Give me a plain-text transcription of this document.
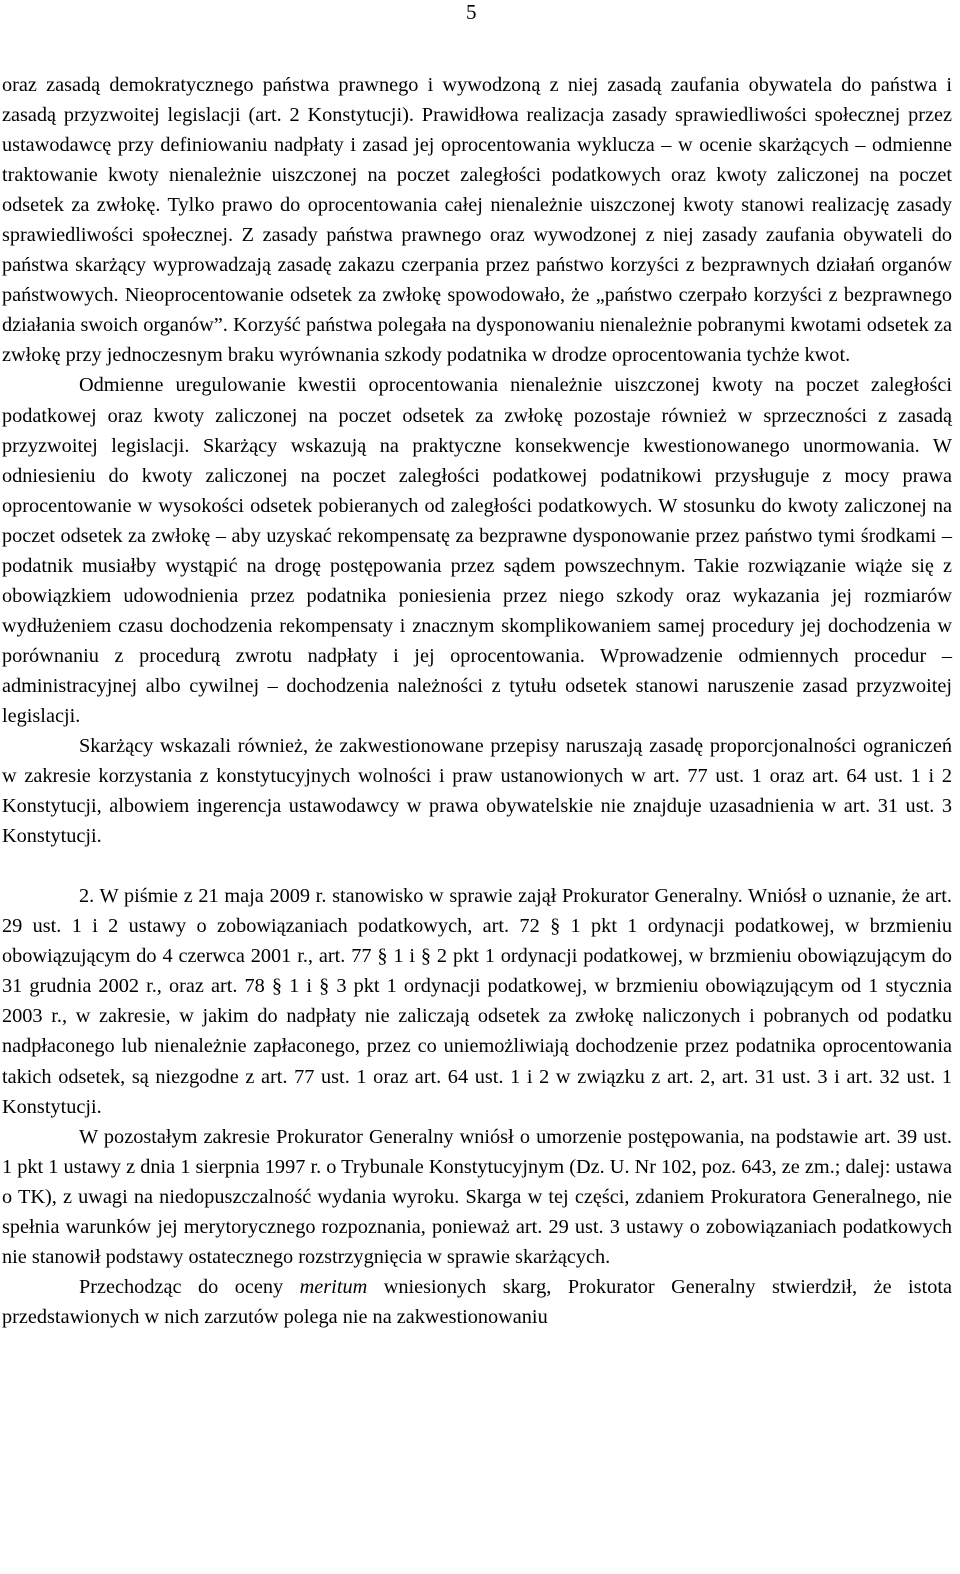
5

oraz zasadą demokratycznego państwa prawnego i wywodzoną z niej zasadą zaufania obywatela do państwa i zasadą przyzwoitej legislacji (art. 2 Konstytucji). Prawidłowa realizacja zasady sprawiedliwości społecznej przez ustawodawcę przy definiowaniu nadpłaty i zasad jej oprocentowania wyklucza – w ocenie skarżących – odmienne traktowanie kwoty nienależnie uiszczonej na poczet zaległości podatkowych oraz kwoty zaliczonej na poczet odsetek za zwłokę. Tylko prawo do oprocentowania całej nienależnie uiszczonej kwoty stanowi realizację zasady sprawiedliwości społecznej. Z zasady państwa prawnego oraz wywodzonej z niej zasady zaufania obywateli do państwa skarżący wyprowadzają zasadę zakazu czerpania przez państwo korzyści z bezprawnych działań organów państwowych. Nieoprocentowanie odsetek za zwłokę spowodowało, że „państwo czerpało korzyści z bezprawnego działania swoich organów”. Korzyść państwa polegała na dysponowaniu nienależnie pobranymi kwotami odsetek za zwłokę przy jednoczesnym braku wyrównania szkody podatnika w drodze oprocentowania tychże kwot.

Odmienne uregulowanie kwestii oprocentowania nienależnie uiszczonej kwoty na poczet zaległości podatkowej oraz kwoty zaliczonej na poczet odsetek za zwłokę pozostaje również w sprzeczności z zasadą przyzwoitej legislacji. Skarżący wskazują na praktyczne konsekwencje kwestionowanego unormowania. W odniesieniu do kwoty zaliczonej na poczet zaległości podatkowej podatnikowi przysługuje z mocy prawa oprocentowanie w wysokości odsetek pobieranych od zaległości podatkowych. W stosunku do kwoty zaliczonej na poczet odsetek za zwłokę – aby uzyskać rekompensatę za bezprawne dysponowanie przez państwo tymi środkami – podatnik musiałby wystąpić na drogę postępowania przez sądem powszechnym. Takie rozwiązanie wiąże się z obowiązkiem udowodnienia przez podatnika poniesienia przez niego szkody oraz wykazania jej rozmiarów wydłużeniem czasu dochodzenia rekompensaty i znacznym skomplikowaniem samej procedury jej dochodzenia w porównaniu z procedurą zwrotu nadpłaty i jej oprocentowania. Wprowadzenie odmiennych procedur – administracyjnej albo cywilnej – dochodzenia należności z tytułu odsetek stanowi naruszenie zasad przyzwoitej legislacji.

Skarżący wskazali również, że zakwestionowane przepisy naruszają zasadę proporcjonalności ograniczeń w zakresie korzystania z konstytucyjnych wolności i praw ustanowionych w art. 77 ust. 1 oraz art. 64 ust. 1 i 2 Konstytucji, albowiem ingerencja ustawodawcy w prawa obywatelskie nie znajduje uzasadnienia w art. 31 ust. 3 Konstytucji.

2. W piśmie z 21 maja 2009 r. stanowisko w sprawie zajął Prokurator Generalny. Wniósł o uznanie, że art. 29 ust. 1 i 2 ustawy o zobowiązaniach podatkowych, art. 72 § 1 pkt 1 ordynacji podatkowej, w brzmieniu obowiązującym do 4 czerwca 2001 r., art. 77 § 1 i § 2 pkt 1 ordynacji podatkowej, w brzmieniu obowiązującym do 31 grudnia 2002 r., oraz art. 78 § 1 i § 3 pkt 1 ordynacji podatkowej, w brzmieniu obowiązującym od 1 stycznia 2003 r., w zakresie, w jakim do nadpłaty nie zaliczają odsetek za zwłokę naliczonych i pobranych od podatku nadpłaconego lub nienależnie zapłaconego, przez co uniemożliwiają dochodzenie przez podatnika oprocentowania takich odsetek, są niezgodne z art. 77 ust. 1 oraz art. 64 ust. 1 i 2 w związku z art. 2, art. 31 ust. 3 i art. 32 ust. 1 Konstytucji.

W pozostałym zakresie Prokurator Generalny wniósł o umorzenie postępowania, na podstawie art. 39 ust. 1 pkt 1 ustawy z dnia 1 sierpnia 1997 r. o Trybunale Konstytucyjnym (Dz. U. Nr 102, poz. 643, ze zm.; dalej: ustawa o TK), z uwagi na niedopuszczalność wydania wyroku. Skarga w tej części, zdaniem Prokuratora Generalnego, nie spełnia warunków jej merytorycznego rozpoznania, ponieważ art. 29 ust. 3 ustawy o zobowiązaniach podatkowych nie stanowił podstawy ostatecznego rozstrzygnięcia w sprawie skarżących.

Przechodząc do oceny meritum wniesionych skarg, Prokurator Generalny stwierdził, że istota przedstawionych w nich zarzutów polega nie na zakwestionowaniu
